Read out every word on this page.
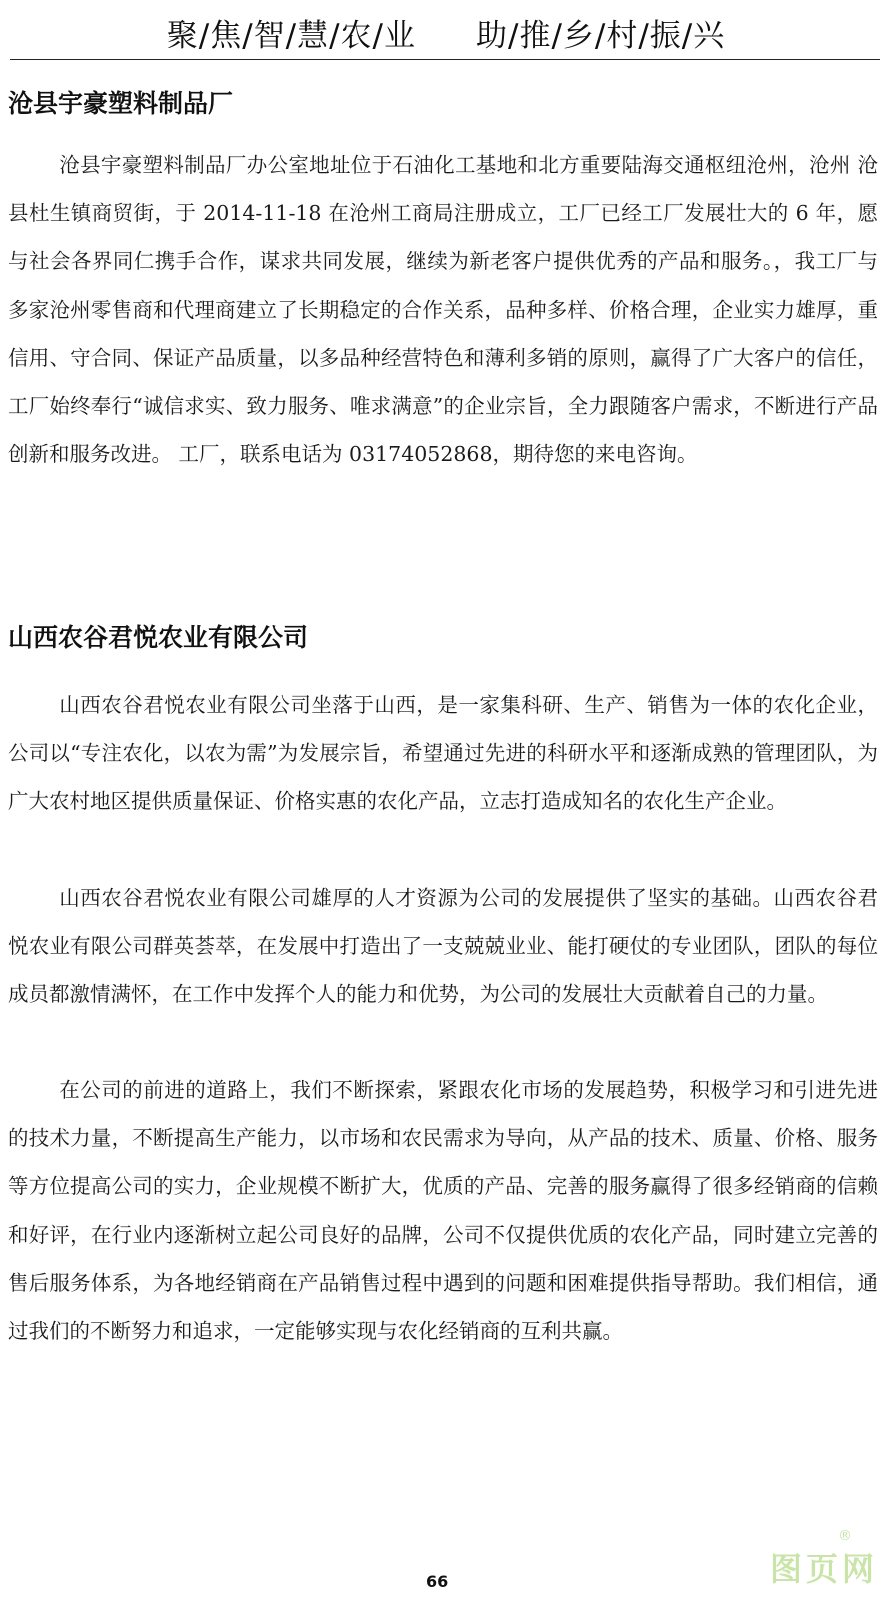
聚/焦/智/慧/农/业 助/推/乡/村/振/兴
沧县宇豪塑料制品厂

沧县宇豪塑料制品厂办公室地址位于石油化工基地和北方重要陆海交通枢纽沧州，沧州 沧县杜生镇商贸街，于 2014-11-18 在沧州工商局注册成立，工厂已经工厂发展壮大的 6 年，愿与社会各界同仁携手合作，谋求共同发展，继续为新老客户提供优秀的产品和服务。，我工厂与多家沧州零售商和代理商建立了长期稳定的合作关系，品种多样、价格合理，企业实力雄厚，重信用、守合同、保证产品质量，以多品种经营特色和薄利多销的原则，赢得了广大客户的信任，工厂始终奉行“诚信求实、致力服务、唯求满意”的企业宗旨，全力跟随客户需求，不断进行产品创新和服务改进。 工厂，联系电话为 03174052868，期待您的来电咨询。

山西农谷君悦农业有限公司

山西农谷君悦农业有限公司坐落于山西，是一家集科研、生产、销售为一体的农化企业，公司以“专注农化，以农为需”为发展宗旨，希望通过先进的科研水平和逐渐成熟的管理团队，为广大农村地区提供质量保证、价格实惠的农化产品，立志打造成知名的农化生产企业。

山西农谷君悦农业有限公司雄厚的人才资源为公司的发展提供了坚实的基础。山西农谷君悦农业有限公司群英荟萃，在发展中打造出了一支兢兢业业、能打硬仗的专业团队，团队的每位成员都激情满怀，在工作中发挥个人的能力和优势，为公司的发展壮大贡献着自己的力量。

在公司的前进的道路上，我们不断探索，紧跟农化市场的发展趋势，积极学习和引进先进的技术力量，不断提高生产能力，以市场和农民需求为导向，从产品的技术、质量、价格、服务等方位提高公司的实力，企业规模不断扩大，优质的产品、完善的服务赢得了很多经销商的信赖和好评，在行业内逐渐树立起公司良好的品牌，公司不仅提供优质的农化产品，同时建立完善的售后服务体系，为各地经销商在产品销售过程中遇到的问题和困难提供指导帮助。我们相信，通过我们的不断努力和追求，一定能够实现与农化经销商的互利共赢。

66	图页网
®
